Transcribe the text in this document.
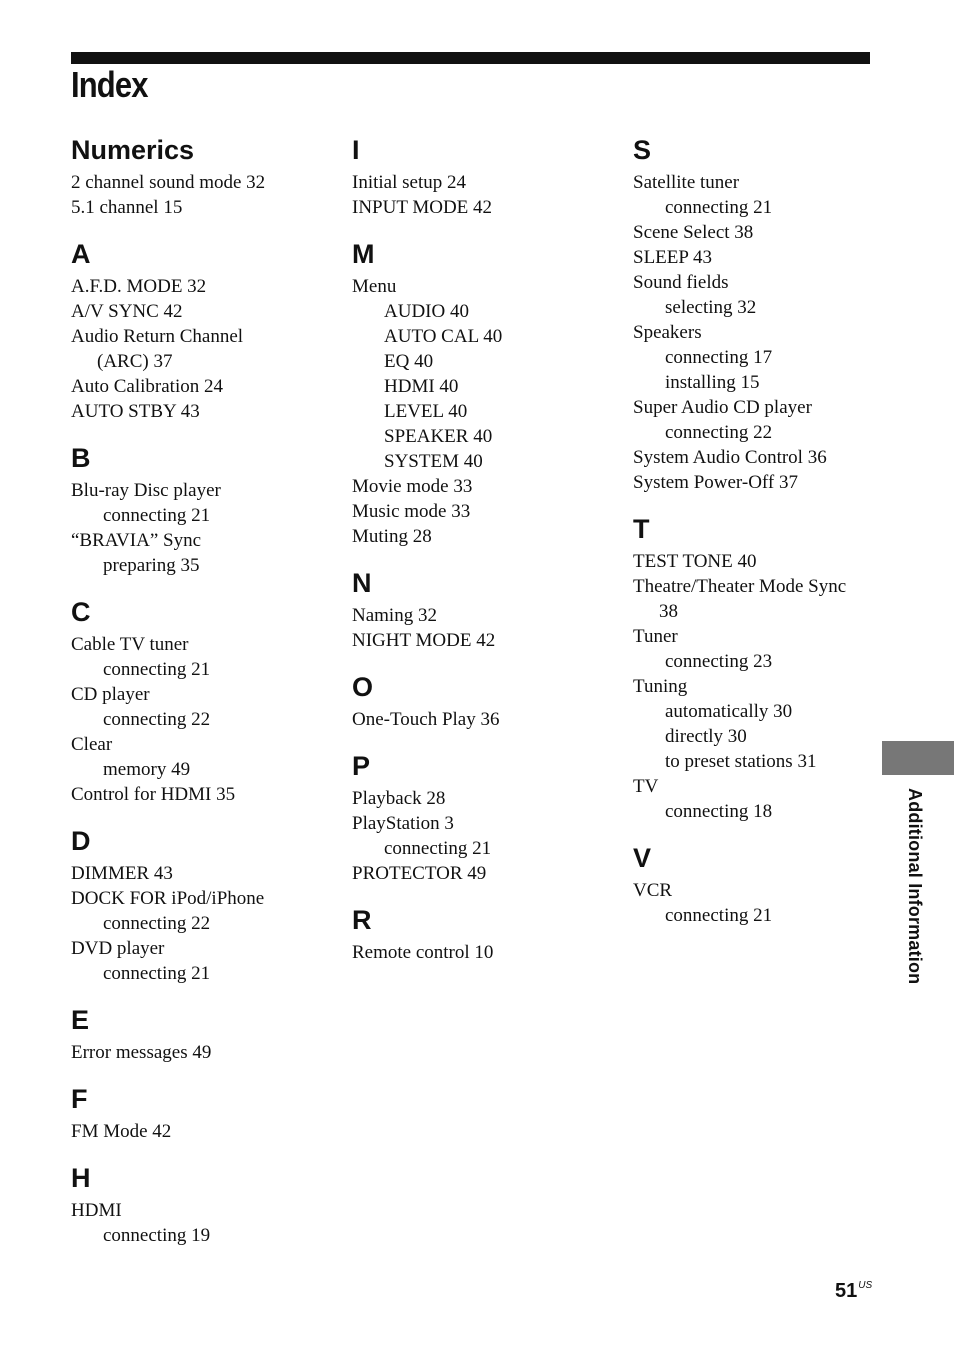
Index
Numerics
2 channel sound mode 32
5.1 channel 15
A
A.F.D. MODE 32
A/V SYNC 42
Audio Return Channel
(ARC) 37
Auto Calibration 24
AUTO STBY 43
B
Blu-ray Disc player
connecting 21
“BRAVIA” Sync
preparing 35
C
Cable TV tuner
connecting 21
CD player
connecting 22
Clear
memory 49
Control for HDMI 35
D
DIMMER 43
DOCK FOR iPod/iPhone
connecting 22
DVD player
connecting 21
E
Error messages 49
F
FM Mode 42
H
HDMI
connecting 19
I
Initial setup 24
INPUT MODE 42
M
Menu
AUDIO 40
AUTO CAL 40
EQ 40
HDMI 40
LEVEL 40
SPEAKER 40
SYSTEM 40
Movie mode 33
Music mode 33
Muting 28
N
Naming 32
NIGHT MODE 42
O
One-Touch Play 36
P
Playback 28
PlayStation 3
connecting 21
PROTECTOR 49
R
Remote control 10
S
Satellite tuner
connecting 21
Scene Select 38
SLEEP 43
Sound fields
selecting 32
Speakers
connecting 17
installing 15
Super Audio CD player
connecting 22
System Audio Control 36
System Power-Off 37
T
TEST TONE 40
Theatre/Theater Mode Sync
38
Tuner
connecting 23
Tuning
automatically 30
directly 30
to preset stations 31
TV
connecting 18
V
VCR
connecting 21	Additional Information
$51^{US}$
